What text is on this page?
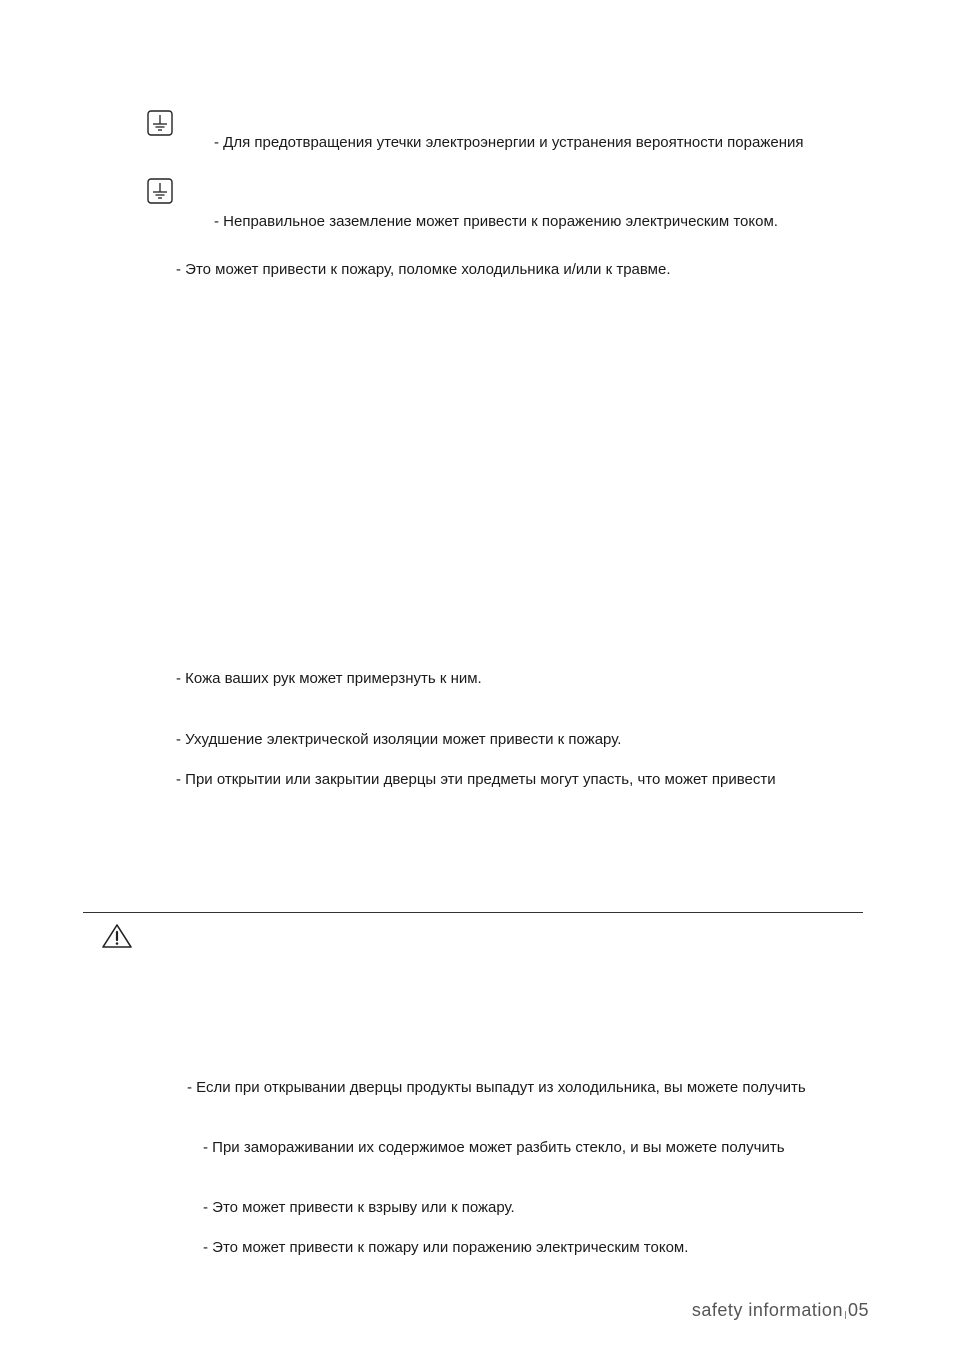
- Для предотвращения утечки электроэнергии и устранения вероятности поражения
- Неправильное заземление может привести к поражению электрическим током.
- Это может привести к пожару, поломке холодильника и/или к травме.
- Кожа ваших рук может примерзнуть к ним.
- Ухудшение электрической изоляции может привести к пожару.
- При открытии или закрытии дверцы эти предметы могут упасть, что может привести
- Если при открывании дверцы продукты выпадут из холодильника, вы можете получить
- При замораживании их содержимое может разбить стекло, и вы можете получить
- Это может привести к взрыву или к пожару.
- Это может привести к пожару или поражению электрическим током.
safety information 05
